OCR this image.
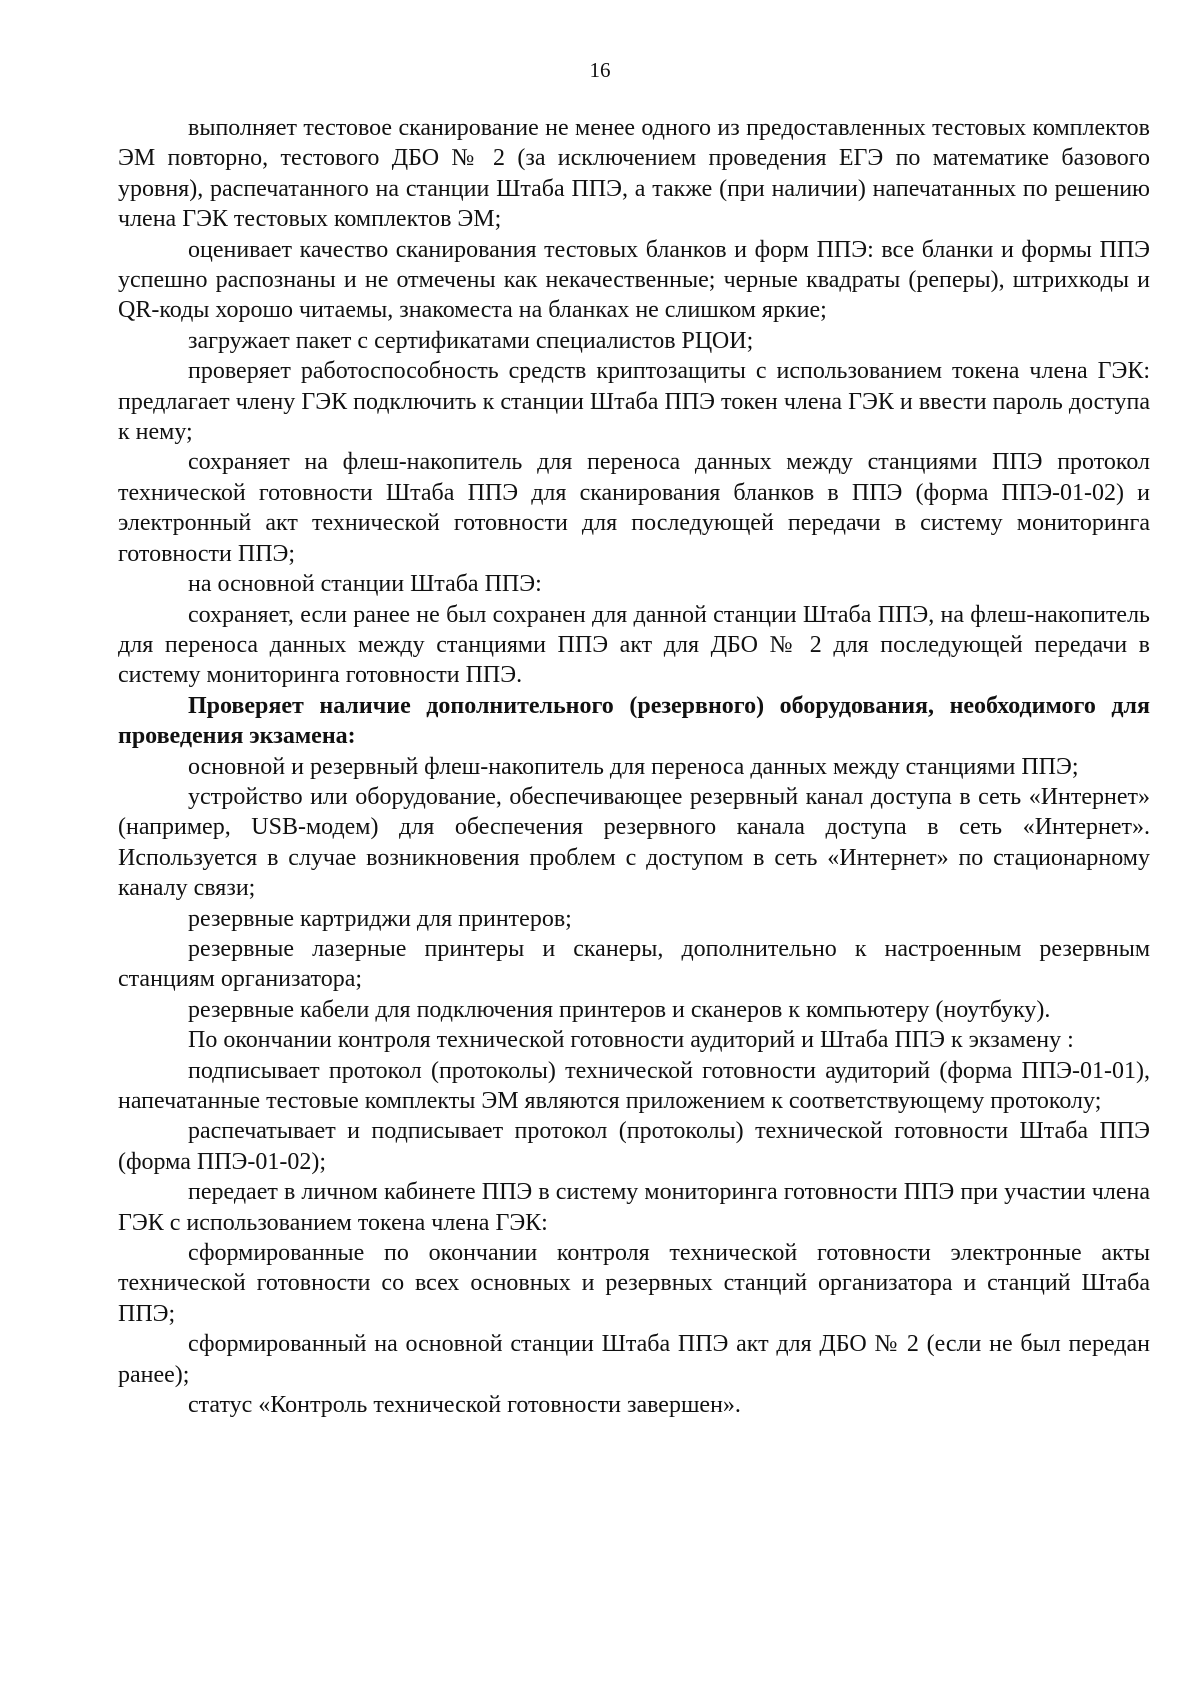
16

выполняет тестовое сканирование не менее одного из предоставленных тестовых комплектов ЭМ повторно, тестового ДБО № 2 (за исключением проведения ЕГЭ по математике базового уровня), распечатанного на станции Штаба ППЭ, а также (при наличии) напечатанных по решению члена ГЭК тестовых комплектов ЭМ;

оценивает качество сканирования тестовых бланков и форм ППЭ: все бланки и формы ППЭ успешно распознаны и не отмечены как некачественные; черные квадраты (реперы), штрихкоды и QR-коды хорошо читаемы, знакоместа на бланках не слишком яркие;

загружает пакет с сертификатами специалистов РЦОИ;

проверяет работоспособность средств криптозащиты с использованием токена члена ГЭК: предлагает члену ГЭК подключить к станции Штаба ППЭ токен члена ГЭК и ввести пароль доступа к нему;

сохраняет на флеш-накопитель для переноса данных между станциями ППЭ протокол технической готовности Штаба ППЭ для сканирования бланков в ППЭ (форма ППЭ-01-02) и электронный акт технической готовности для последующей передачи в систему мониторинга готовности ППЭ;

на основной станции Штаба ППЭ:

сохраняет, если ранее не был сохранен для данной станции Штаба ППЭ, на флеш-накопитель для переноса данных между станциями ППЭ акт для ДБО № 2 для последующей передачи в систему мониторинга готовности ППЭ.

Проверяет наличие дополнительного (резервного) оборудования, необходимого для проведения экзамена:

основной и резервный флеш-накопитель для переноса данных между станциями ППЭ;

устройство или оборудование, обеспечивающее резервный канал доступа в сеть «Интернет» (например, USB-модем) для обеспечения резервного канала доступа в сеть «Интернет». Используется в случае возникновения проблем с доступом в сеть «Интернет» по стационарному каналу связи;

резервные картриджи для принтеров;

резервные лазерные принтеры и сканеры, дополнительно к настроенным резервным станциям организатора;

резервные кабели для подключения принтеров и сканеров к компьютеру (ноутбуку).

По окончании контроля технической готовности аудиторий и Штаба ППЭ к экзамену :

подписывает протокол (протоколы) технической готовности аудиторий (форма ППЭ-01-01), напечатанные тестовые комплекты ЭМ являются приложением к соответствующему протоколу;

распечатывает и подписывает протокол (протоколы) технической готовности Штаба ППЭ (форма ППЭ-01-02);

передает в личном кабинете ППЭ в систему мониторинга готовности ППЭ при участии члена ГЭК с использованием токена члена ГЭК:

сформированные по окончании контроля технической готовности электронные акты технической готовности со всех основных и резервных станций организатора и станций Штаба ППЭ;

сформированный на основной станции Штаба ППЭ акт для ДБО № 2 (если не был передан ранее);

статус «Контроль технической готовности завершен».
